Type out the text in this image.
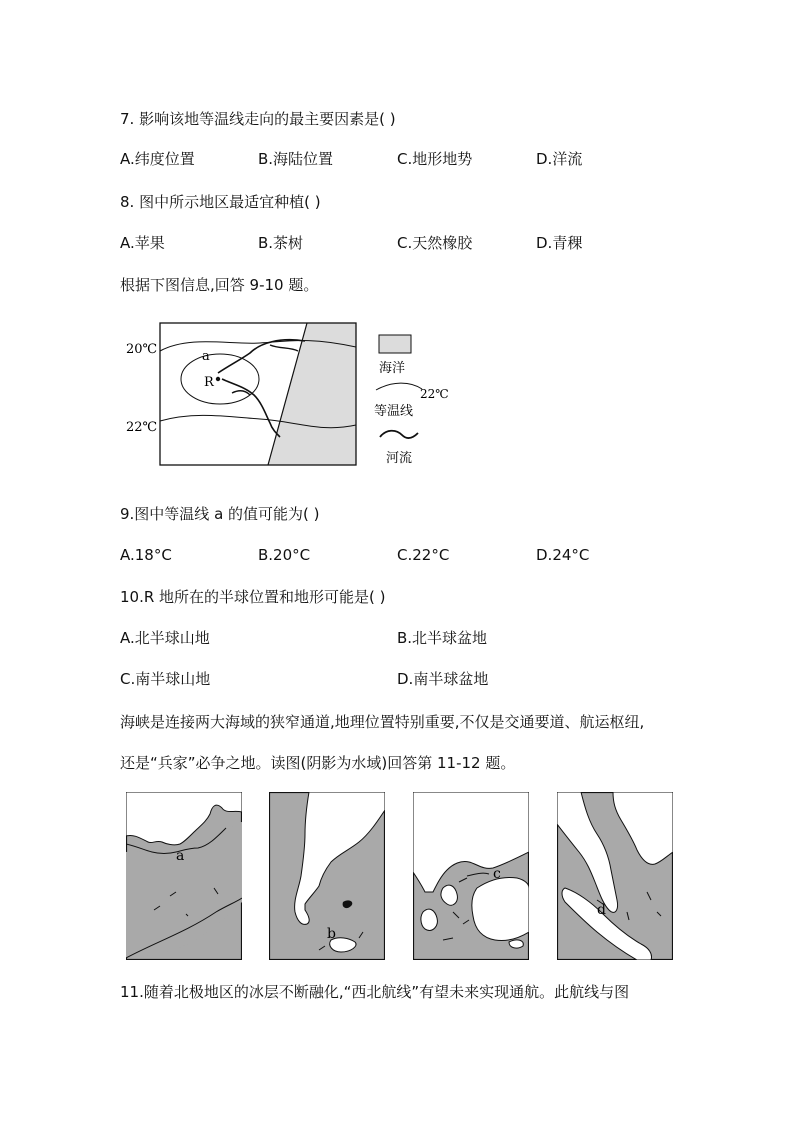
7. 影响该地等温线走向的最主要因素是( )
A.纬度位置	B.海陆位置	C.地形地势	D.洋流
8. 图中所示地区最适宜种植( )
A.苹果	B.茶树	C.天然橡胶	D.青稞
根据下图信息,回答 9-10 题。
20℃
22℃
a
R
海洋
22℃
等温线
河流
9.图中等温线 a 的值可能为( )
A.18°C	B.20°C	C.22°C	D.24°C
10.R 地所在的半球位置和地形可能是( )
A.北半球山地	B.北半球盆地
C.南半球山地	D.南半球盆地
海峡是连接两大海域的狭窄通道,地理位置特别重要,不仅是交通要道、航运枢纽,
还是“兵家”必争之地。读图(阴影为水域)回答第 11-12 题。
a
b
c
d
11.随着北极地区的冰层不断融化,“西北航线”有望未来实现通航。此航线与图
